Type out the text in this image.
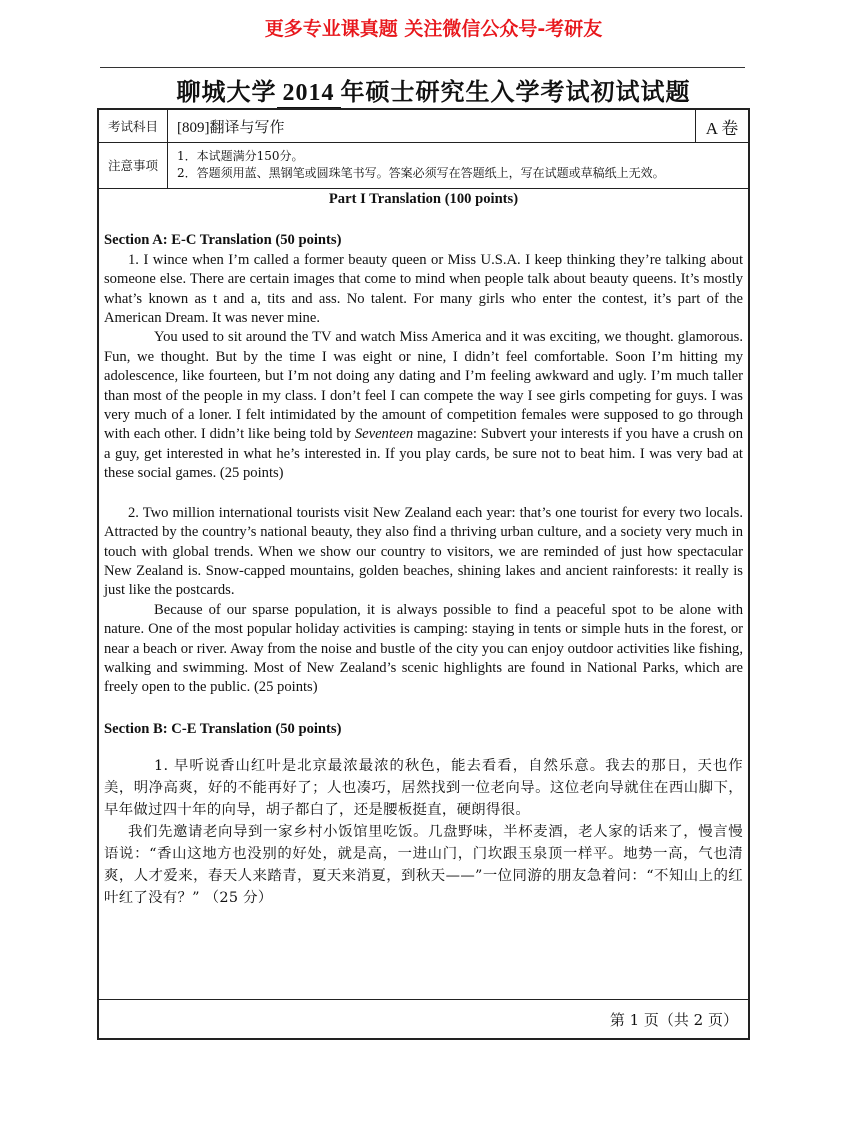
更多专业课真题 关注微信公众号-考研友
聊城大学 2014 年硕士研究生入学考试初试试题
考试科目	[809]翻译与写作	A 卷
注意事项
1．本试题满分150分。
2．答题须用蓝、黑钢笔或圆珠笔书写。答案必须写在答题纸上，写在试题或草稿纸上无效。

Part I Translation (100 points)

Section A: E-C Translation (50 points)

1. I wince when I’m called a former beauty queen or Miss U.S.A. I keep thinking they’re talking about someone else. There are certain images that come to mind when people talk about beauty queens. It’s mostly what’s known as t and a, tits and ass. No talent. For many girls who enter the contest, it’s part of the American Dream. It was never mine.

You used to sit around the TV and watch Miss America and it was exciting, we thought. glamorous. Fun, we thought. But by the time I was eight or nine, I didn’t feel comfortable. Soon I’m hitting my adolescence, like fourteen, but I’m not doing any dating and I’m feeling awkward and ugly. I’m much taller than most of the people in my class. I don’t feel I can compete the way I see girls competing for guys. I was very much of a loner. I felt intimidated by the amount of competition females were supposed to go through with each other. I didn’t like being told by Seventeen magazine: Subvert your interests if you have a crush on a guy, get interested in what he’s interested in. If you play cards, be sure not to beat him. I was very bad at these social games. (25 points)

2. Two million international tourists visit New Zealand each year: that’s one tourist for every two locals. Attracted by the country’s national beauty, they also find a thriving urban culture, and a society very much in touch with global trends. When we show our country to visitors, we are reminded of just how spectacular New Zealand is. Snow-capped mountains, golden beaches, shining lakes and ancient rainforests: it really is just like the postcards.

Because of our sparse population, it is always possible to find a peaceful spot to be alone with nature. One of the most popular holiday activities is camping: staying in tents or simple huts in the forest, or near a beach or river. Away from the noise and bustle of the city you can enjoy outdoor activities like fishing, walking and swimming. Most of New Zealand’s scenic highlights are found in National Parks, which are freely open to the public. (25 points)

Section B: C-E Translation (50 points)

1. 早听说香山红叶是北京最浓最浓的秋色，能去看看，自然乐意。我去的那日，天也作美，明净高爽，好的不能再好了；人也凑巧，居然找到一位老向导。这位老向导就住在西山脚下，早年做过四十年的向导，胡子都白了，还是腰板挺直，硬朗得很。

我们先邀请老向导到一家乡村小饭馆里吃饭。几盘野味，半杯麦酒，老人家的话来了，慢言慢语说：“香山这地方也没别的好处，就是高，一进山门，门坎跟玉泉顶一样平。地势一高，气也清爽，人才爱来，春天人来踏青，夏天来消夏，到秋天——”一位同游的朋友急着问：“不知山上的红叶红了没有？” （25 分）

第 1 页（共 2 页）
